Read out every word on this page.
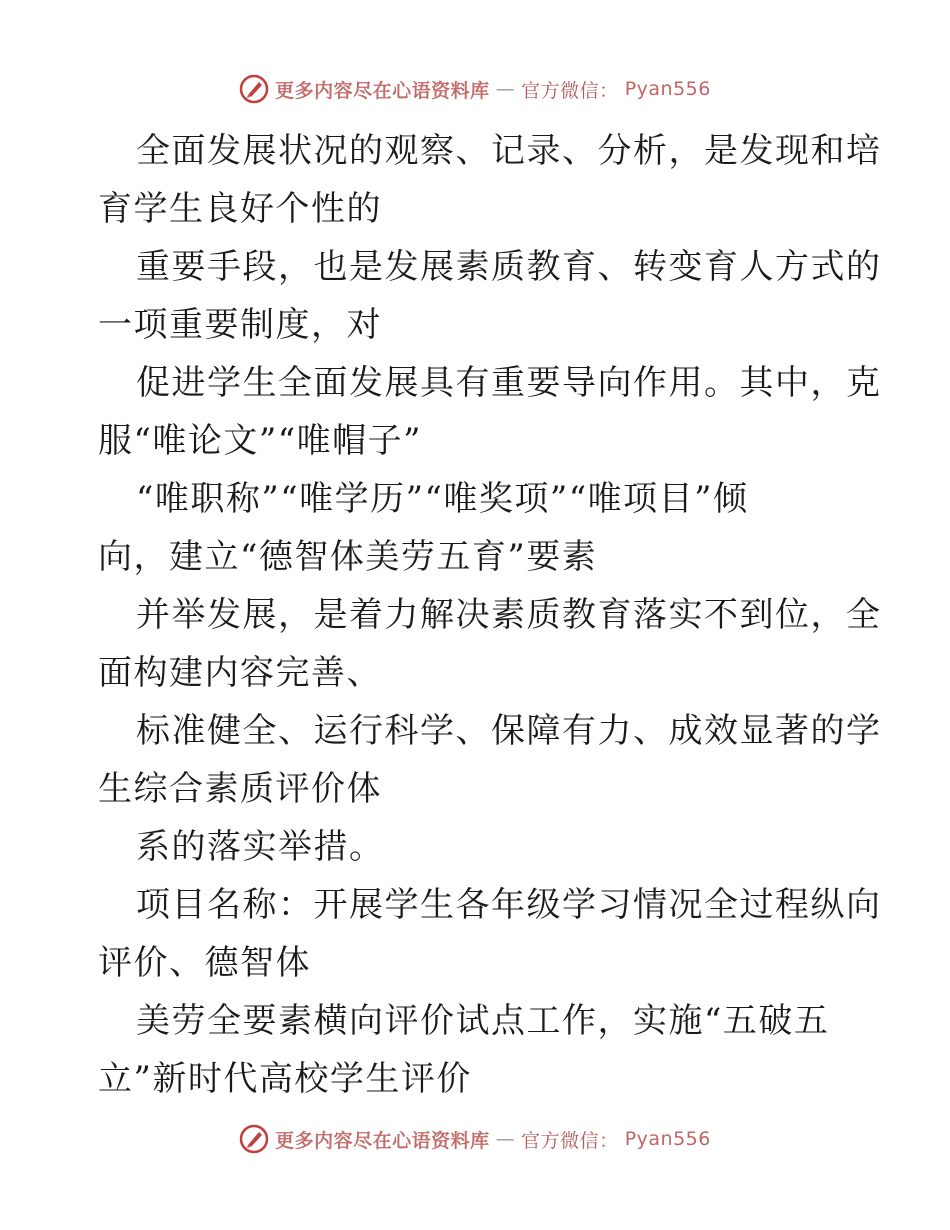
更多内容尽在心语资料库 — 官方微信： Pyan556
全面发展状况的观察、记录、分析，是发现和培
育学生良好个性的
重要手段，也是发展素质教育、转变育人方式的
一项重要制度，对
促进学生全面发展具有重要导向作用。其中，克
服“唯论文”“唯帽子”
“唯职称”“唯学历”“唯奖项”“唯项目”倾
向，建立“德智体美劳五育”要素
并举发展，是着力解决素质教育落实不到位，全
面构建内容完善、
标准健全、运行科学、保障有力、成效显著的学
生综合素质评价体
系的落实举措。
项目名称：开展学生各年级学习情况全过程纵向
评价、德智体
美劳全要素横向评价试点工作，实施“五破五
立”新时代高校学生评价
更多内容尽在心语资料库 — 官方微信： Pyan556
